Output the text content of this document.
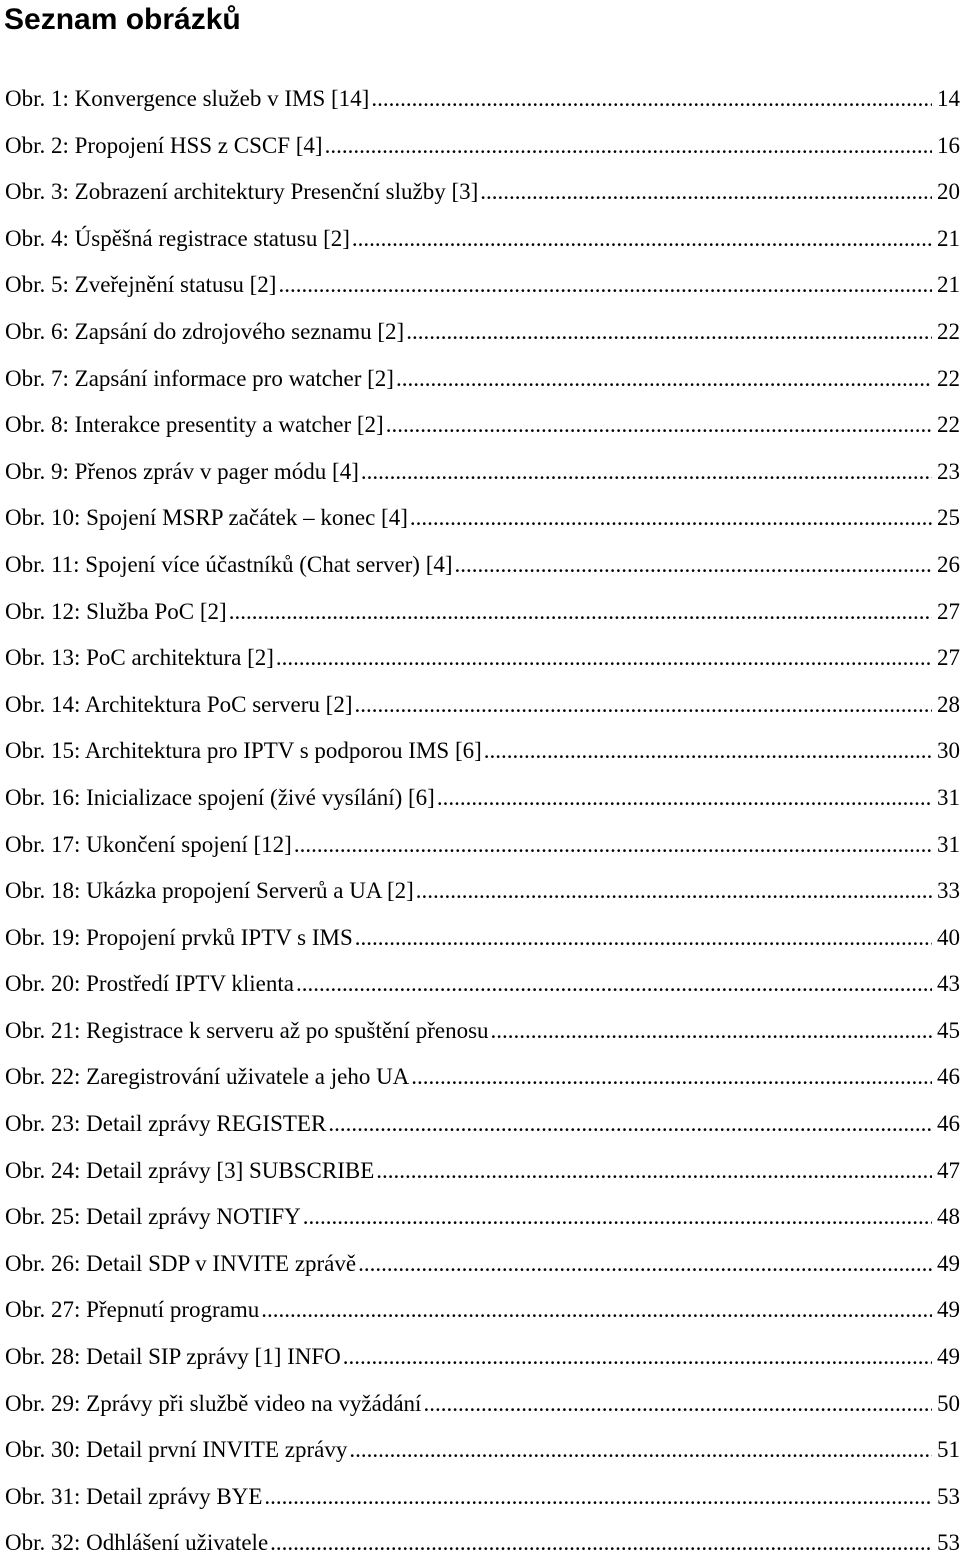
Seznam obrázků
Obr. 1: Konvergence služeb v IMS [14] .....	14
Obr. 2: Propojení HSS z CSCF [4] .....	16
Obr. 3: Zobrazení architektury Presenční služby [3] .....	20
Obr. 4: Úspěšná registrace statusu [2] .....	21
Obr. 5: Zveřejnění statusu [2] .....	21
Obr. 6: Zapsání do zdrojového seznamu [2] .....	22
Obr. 7: Zapsání informace pro watcher [2] .....	22
Obr. 8: Interakce presentity a watcher [2] .....	22
Obr. 9: Přenos zpráv v pager módu [4] .....	23
Obr. 10: Spojení MSRP začátek – konec [4] .....	25
Obr. 11: Spojení více účastníků (Chat server) [4] .....	26
Obr. 12: Služba PoC [2] .....	27
Obr. 13: PoC architektura [2] .....	27
Obr. 14: Architektura PoC serveru [2] .....	28
Obr. 15: Architektura pro IPTV s podporou IMS [6] .....	30
Obr. 16: Inicializace spojení (živé vysílání) [6] .....	31
Obr. 17: Ukončení spojení [12] .....	31
Obr. 18: Ukázka propojení Serverů a UA [2] .....	33
Obr. 19: Propojení prvků IPTV s IMS .....	40
Obr. 20: Prostředí IPTV klienta .....	43
Obr. 21: Registrace k serveru až po spuštění přenosu .....	45
Obr. 22: Zaregistrování uživatele a jeho UA .....	46
Obr. 23: Detail zprávy REGISTER .....	46
Obr. 24: Detail zprávy [3] SUBSCRIBE .....	47
Obr. 25: Detail zprávy NOTIFY .....	48
Obr. 26: Detail SDP v INVITE zprávě .....	49
Obr. 27: Přepnutí programu .....	49
Obr. 28: Detail SIP zprávy [1] INFO .....	49
Obr. 29: Zprávy při službě video na vyžádání .....	50
Obr. 30: Detail první INVITE zprávy .....	51
Obr. 31: Detail zprávy BYE .....	53
Obr. 32: Odhlášení uživatele .....	53
